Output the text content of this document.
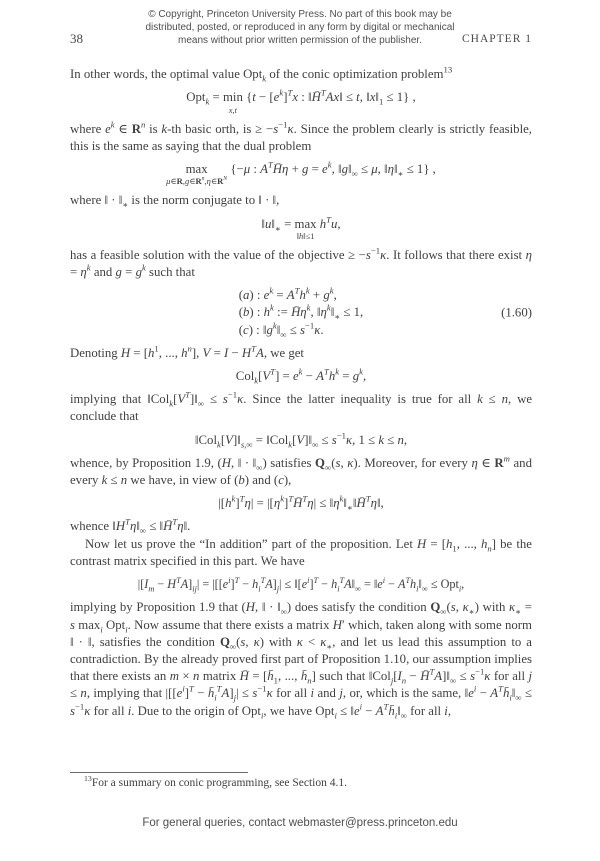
© Copyright, Princeton University Press. No part of this book may be
distributed, posted, or reproduced in any form by digital or mechanical
means without prior written permission of the publisher.
38	CHAPTER 1
In other words, the optimal value Opt$_k$ of the conic optimization problem$^{13}$
Opt$_k$ = min
x,t
{$t - [e^k]^Tx$ : ‖H̄$^T$Ax‖ ≤ t, $‖x‖_1 \le 1$} ,
where $e^k$ ∈ $R^n$ is k-th basic orth, is ≥ $-s^{-1}\kappa$. Since the problem clearly is strictly feasible, this is the same as saying that the dual problem
max
$\mu\in R,g\in R^n,\eta\in R^N$
{−μ : $A^TH̄\eta + g = e^k$, $‖g‖_\infty \le \mu$, $‖\eta‖_∗ \le 1$} ,
where ‖ · $‖_∗$ is the norm conjugate to ‖ · ‖,
$‖u‖_∗ = \max$
‖h‖≤1
$h^Tu$,
has a feasible solution with the value of the objective ≥ $-s^{-1}\kappa$. It follows that there exist $\eta = \eta^k$ and $g = g^k$ such that
(a) : $e^k = A^Th^k + g^k$,
(b) : $h^k$ := $H̄\eta^k$, $‖\eta^k‖_∗ \le 1$,
(c) : $‖g^k‖_\infty \le s^{-1}\kappa$.
(1.60)
Denoting $H = [h^1$, ..., $h^n$], $V = I - H^TA$, we get
$Col_k[V^T] = e^k - A^Th^k = g^k$,
implying that $‖Col_k[V^T]‖_\infty \le s^{-1}\kappa$. Since the latter inequality is true for all k ≤ n, we conclude that
$‖Col_k[V]‖_{s,\infty}$ = $‖Col_k[V]‖_\infty \le s^{-1}\kappa$, 1 ≤ k ≤ n,
whence, by Proposition 1.9, (H, ‖ · $‖_\infty$) satisfies $Q_\infty(s$, κ). Moreover, for every η ∈ $R^m$ and every k ≤ n we have, in view of (b) and (c),
$|[h^k]^T\eta|$ = $|[\eta^k]^TH̄^T\eta|$ ≤ $‖\eta^k‖_∗‖H̄^T\eta‖$,
whence $‖H^T\eta‖_\infty$ ≤ ‖H̄$^T$η‖.
Now let us prove the “In addition” part of the proposition. Let $H = [h_1$, ..., $h_n$] be the contrast matrix specified in this part. We have
$|[I_m - H^TA]_{ij}| = |[[e^i]^T - h_i^TA]_j|$ ≤ $‖[e^i]^T$ − $h_i^TA‖_\infty$ = $‖e^i$ − $A^Th_i‖_\infty \le Opt_i$,
implying by Proposition 1.9 that (H, ‖ · $‖_\infty$) does satisfy the condition $Q_\infty(s$, $\kappa_∗$) with $\kappa_∗ = s$ $\max_i Opt_i$. Now assume that there exists a matrix H′ which, taken along with some norm ‖ · ‖, satisfies the condition $Q_\infty(s$, κ) with $\kappa < \kappa_∗$, and let us lead this assumption to a contradiction. By the already proved first part of Proposition 1.10, our assumption implies that there exists an m × n matrix H̄ = [$h̄_1$, ..., $h̄_n$] such that $‖Col_j[I_n$ − $H̄^TA]‖_\infty \le s^{-1}\kappa$ for all j ≤ n, implying that $|[[e^i]^T$ − $h̄_i^TA]_j| \le s^{-1}\kappa$ for all i and j, or, which is the same, $‖e^i$ − $A^Th̄_i‖_\infty \le s^{-1}\kappa$ for all i. Due to the origin of Opt$_i$, we have $Opt_i \le ‖e^i$ − $A^Th̄_i‖_\infty$ for all i,
$^{13}$For a summary on conic programming, see Section 4.1.
For general queries, contact webmaster@press.princeton.edu
